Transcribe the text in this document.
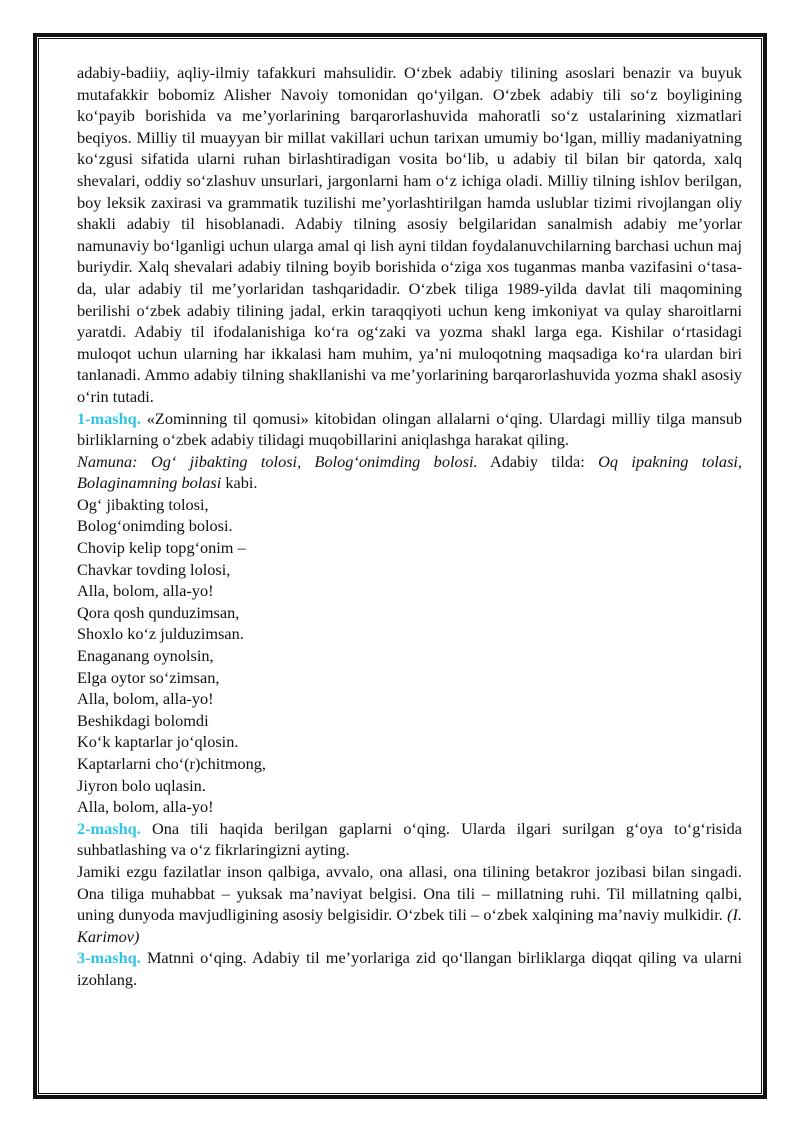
adabiy-badiiy, aqliy-ilmiy tafakkuri mahsulidir. O‘zbek adabiy tilining asoslari benazir va buyuk mutafakkir bobomiz Alisher Navoiy tomonidan qo‘yilgan. O‘zbek adabiy tili so‘z boyligining ko‘payib borishida va me’yorlarining barqarorlashuvida mahoratli so‘z ustalarining xizmatlari beqiyos. Milliy til muayyan bir millat vakillari uchun tarixan umumiy bo‘lgan, milliy madaniyatning ko‘zgusi sifatida ularni ruhan birlashtiradigan vosita bo‘lib, u adabiy til bilan bir qatorda, xalq shevalari, oddiy so‘zlashuv unsurlari, jargonlarni ham o‘z ichiga oladi. Milliy tilning ishlov berilgan, boy leksik zaxirasi va grammatik tuzilishi me’yorlashtirilgan hamda uslublar tizimi rivojlangan oliy shakli adabiy til hisoblanadi. Adabiy tilning asosiy belgilaridan sanalmish adabiy me’yorlar namunaviy bo‘lganligi uchun ularga amal qi lish ayni tildan foydalanuvchilarning barchasi uchun maj buriydir. Xalq shevalari adabiy tilning boyib borishida o‘ziga xos tuganmas manba vazifasini o‘tasa-da, ular adabiy til me’yorlaridan tashqaridadir. O‘zbek tiliga 1989-yilda davlat tili maqomining berilishi o‘zbek adabiy tilining jadal, erkin taraqqiyoti uchun keng imkoniyat va qulay sharoitlarni yaratdi. Adabiy til ifodalanishiga ko‘ra og‘zaki va yozma shakl larga ega. Kishilar o‘rtasidagi muloqot uchun ularning har ikkalasi ham muhim, ya’ni muloqotning maqsadiga ko‘ra ulardan biri tanlanadi. Ammo adabiy tilning shakllanishi va me’yorlarining barqarorlashuvida yozma shakl asosiy o‘rin tutadi.

1-mashq. «Zominning til qomusi» kitobidan olingan allalarni o‘qing. Ulardagi milliy tilga mansub birliklarning o‘zbek adabiy tilidagi muqobillarini aniqlashga harakat qiling.

Namuna: Og‘ jibakting tolosi, Bolog‘onimding bolosi. Adabiy tilda: Oq ipakning tolasi, Bolaginamning bolasi kabi.

Og‘ jibakting tolosi,
Bolog‘onimding bolosi.
Chovip kelip topg‘onim –
Chavkar tovding lolosi,
Alla, bolom, alla-yo!
Qora qosh qunduzimsan,
Shoxlo ko‘z julduzimsan.
Enaganang oynolsin,
Elga oytor so‘zimsan,
Alla, bolom, alla-yo!
Beshikdagi bolomdi
Ko‘k kaptarlar jo‘qlosin.
Kaptarlarni cho‘(r)chitmong,
Jiyron bolo uqlasin.
Alla, bolom, alla-yo!

2-mashq. Ona tili haqida berilgan gaplarni o‘qing. Ularda ilgari surilgan g‘oya to‘g‘risida suhbatlashing va o‘z fikrlaringizni ayting.

Jamiki ezgu fazilatlar inson qalbiga, avvalo, ona allasi, ona tilining betakror jozibasi bilan singadi. Ona tiliga muhabbat – yuksak ma’naviyat belgisi. Ona tili – millatning ruhi. Til millatning qalbi, uning dunyoda mavjudligining asosiy belgisidir. O‘zbek tili – o‘zbek xalqining ma’naviy mulkidir. (I. Karimov)

3-mashq. Matnni o‘qing. Adabiy til me’yorlariga zid qo‘llangan birliklarga diqqat qiling va ularni izohlang.
